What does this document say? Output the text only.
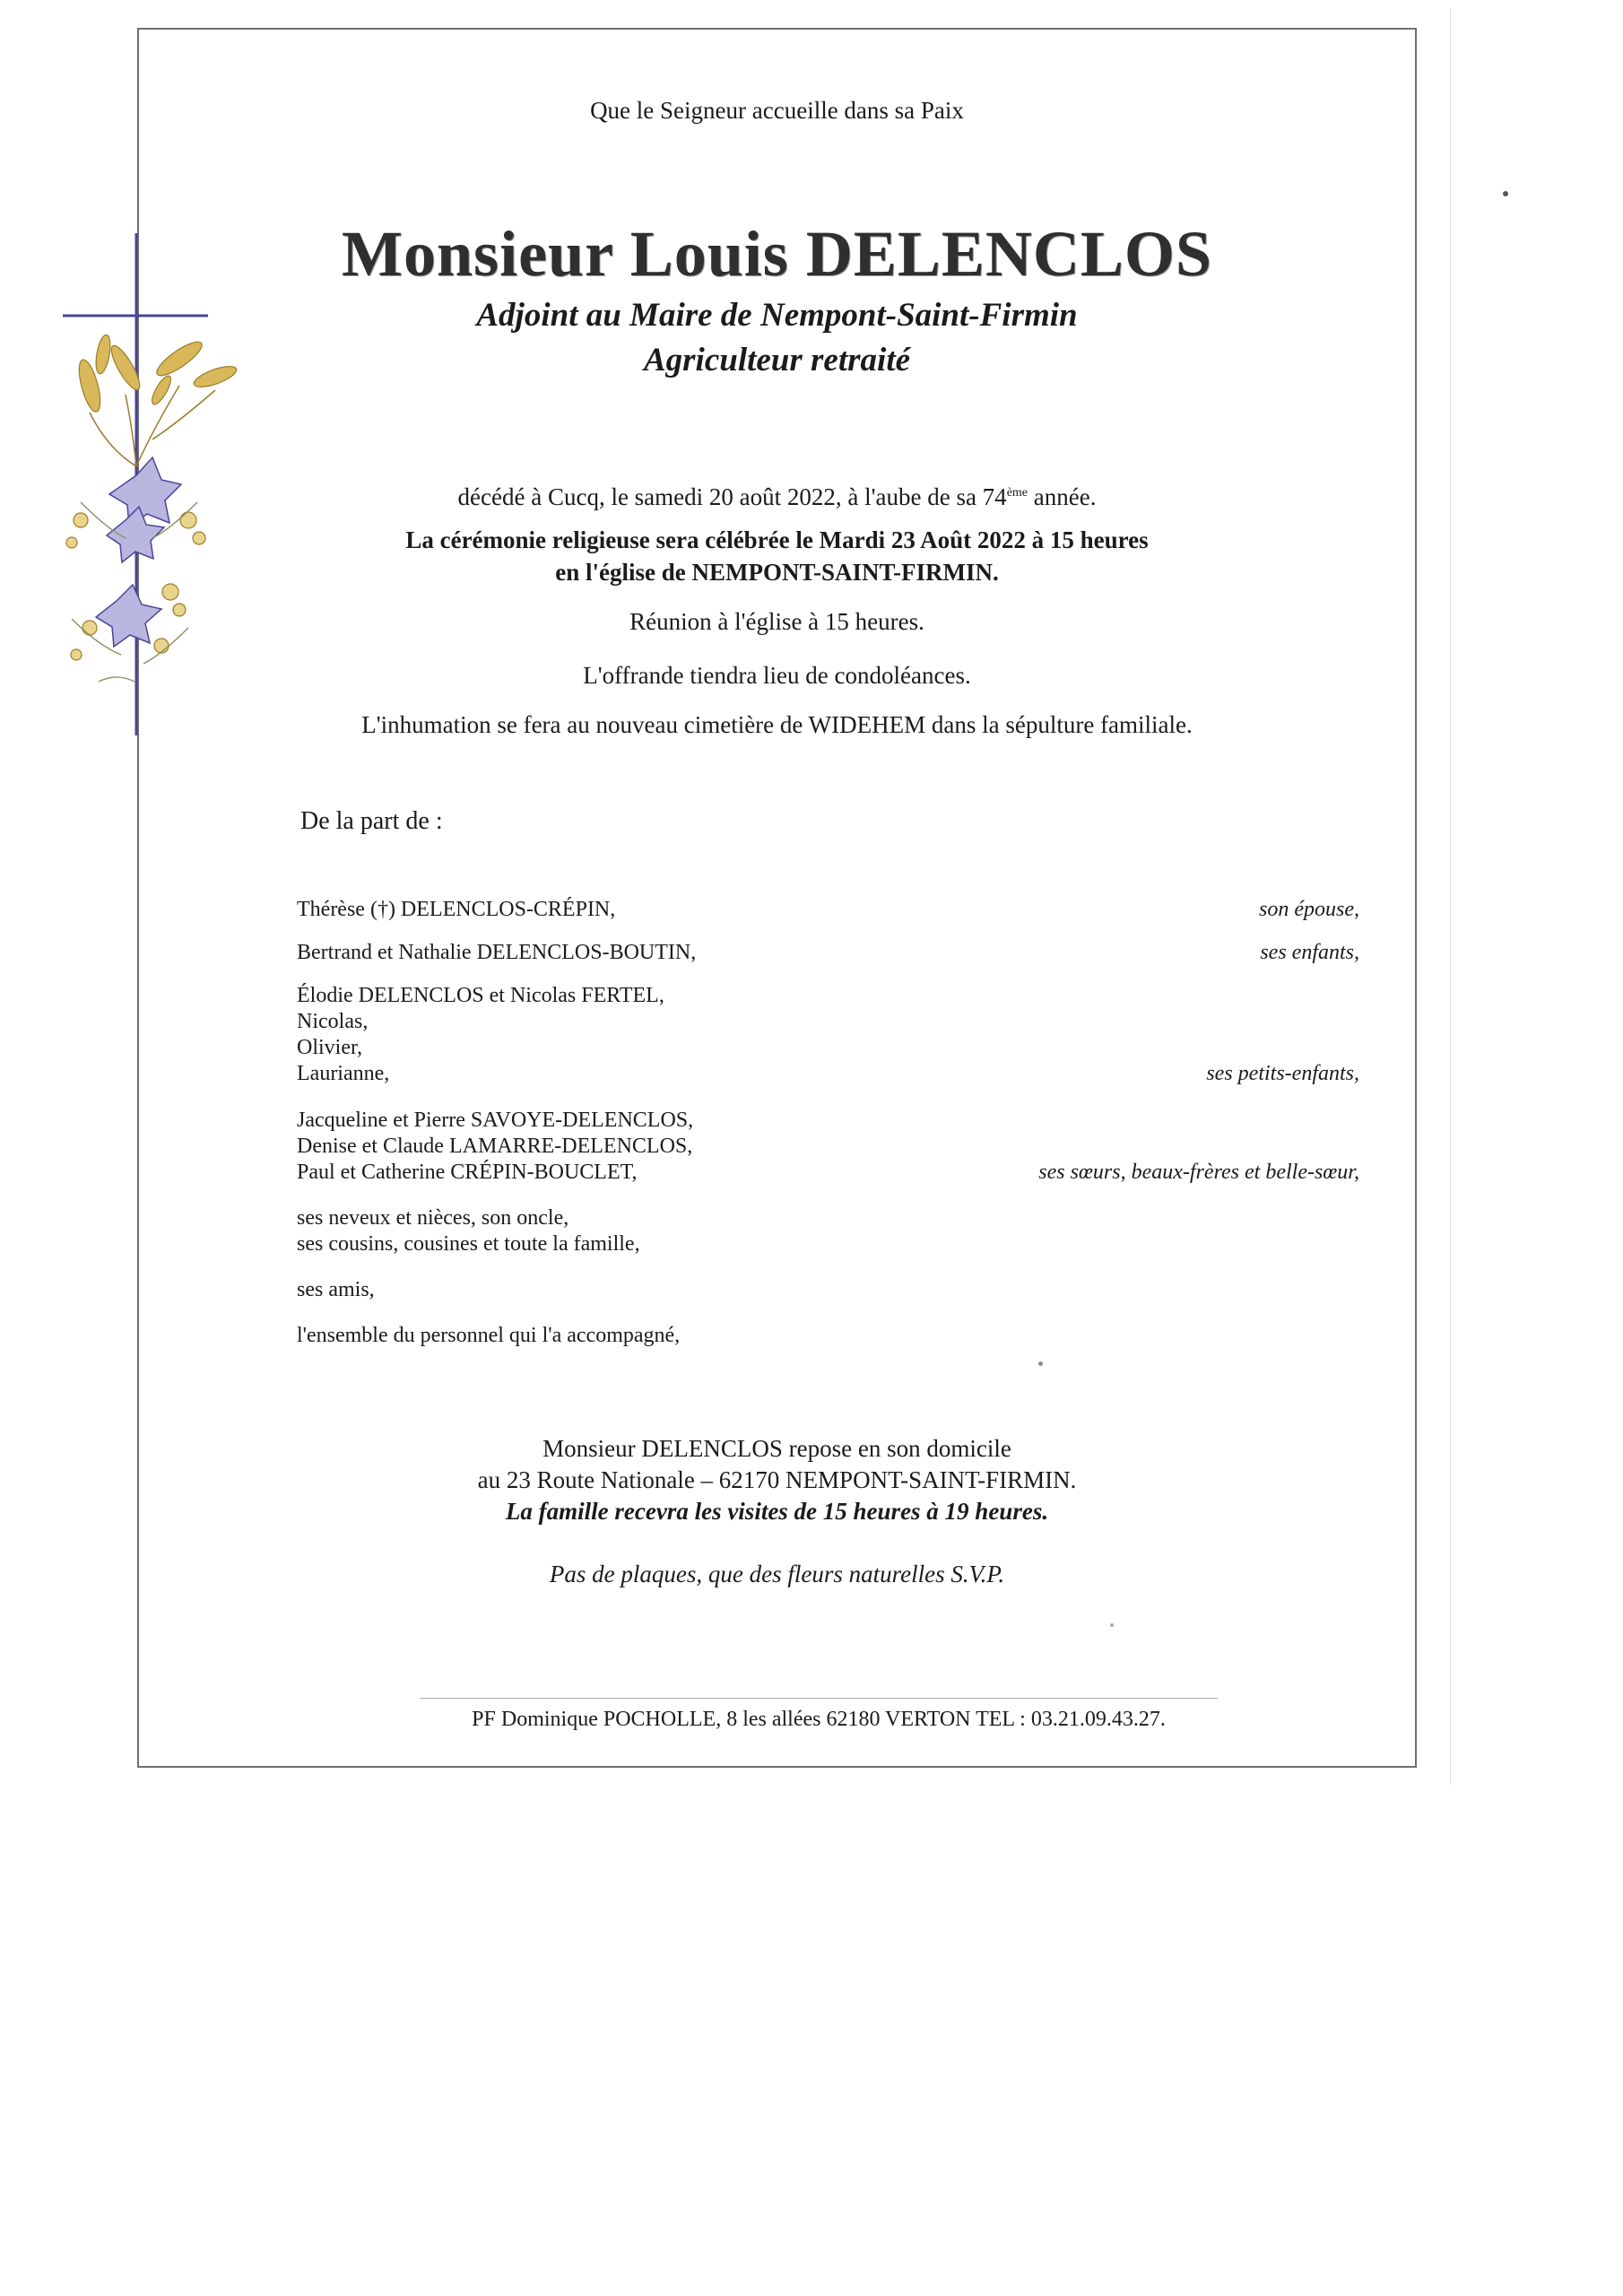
Que le Seigneur accueille dans sa Paix
Monsieur Louis DELENCLOS
Adjoint au Maire de Nempont-Saint-Firmin
Agriculteur retraité
décédé à Cucq, le samedi 20 août 2022, à l'aube de sa 74ème année.
La cérémonie religieuse sera célébrée le Mardi 23 Août 2022 à 15 heures
en l'église de NEMPONT-SAINT-FIRMIN.
Réunion à l'église à 15 heures.
L'offrande tiendra lieu de condoléances.
L'inhumation se fera au nouveau cimetière de WIDEHEM dans la sépulture familiale.
De la part de :
Thérèse (†) DELENCLOS-CRÉPIN,	son épouse,
Bertrand et Nathalie DELENCLOS-BOUTIN,	ses enfants,
Élodie DELENCLOS et Nicolas FERTEL,
Nicolas,
Olivier,
Laurianne,	ses petits-enfants,
Jacqueline et Pierre SAVOYE-DELENCLOS,
Denise et Claude LAMARRE-DELENCLOS,
Paul et Catherine CRÉPIN-BOUCLET,	ses sœurs, beaux-frères et belle-sœur,
ses neveux et nièces, son oncle,
ses cousins, cousines et toute la famille,
ses amis,
l'ensemble du personnel qui l'a accompagné,
Monsieur DELENCLOS repose en son domicile
au 23 Route Nationale – 62170 NEMPONT-SAINT-FIRMIN.
La famille recevra les visites de 15 heures à 19 heures.
Pas de plaques, que des fleurs naturelles S.V.P.
PF Dominique POCHOLLE, 8 les allées 62180 VERTON TEL : 03.21.09.43.27.
